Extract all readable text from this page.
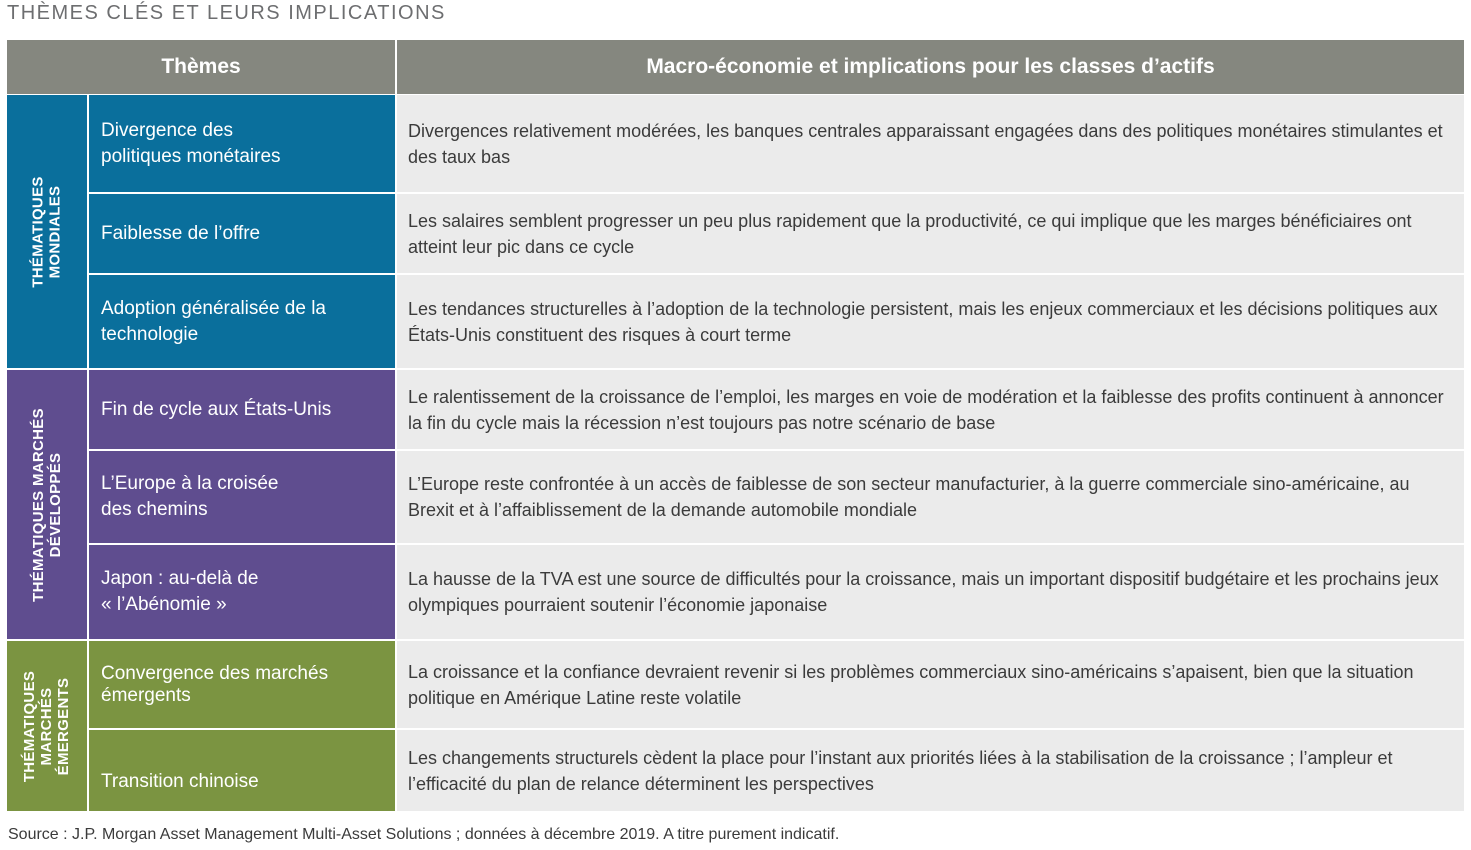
THÈMES CLÉS ET LEURS IMPLICATIONS
Thèmes	Macro-économie et implications pour les classes d’actifs
THÉMATIQUES MONDIALES
Divergence des
politiques monétaires
Divergences relativement modérées, les banques centrales apparaissant engagées dans des politiques monétaires stimulantes et des taux bas
Faiblesse de l’offre
Les salaires semblent progresser un peu plus rapidement que la productivité, ce qui implique que les marges bénéficiaires ont atteint leur pic dans ce cycle
Adoption généralisée de la technologie
Les tendances structurelles à l’adoption de la technologie persistent, mais les enjeux commerciaux et les décisions politiques aux États-Unis constituent des risques à court terme
THÉMATIQUES MARCHÉS DÉVELOPPÉS
Fin de cycle aux États-Unis
Le ralentissement de la croissance de l’emploi, les marges en voie de modération et la faiblesse des profits continuent à annoncer la fin du cycle mais la récession n’est toujours pas notre scénario de base
L’Europe à la croisée
des chemins
L’Europe reste confrontée à un accès de faiblesse de son secteur manufacturier, à la guerre commerciale sino-américaine, au Brexit et à l’affaiblissement de la demande automobile mondiale
Japon : au-delà de
« l’Abénomie »
La hausse de la TVA est une source de difficultés pour la croissance, mais un important dispositif budgétaire et les prochains jeux olympiques pourraient soutenir l’économie japonaise
THÉMATIQUES MARCHÉS ÉMERGENTS
Convergence des marchés émergents
La croissance et la confiance devraient revenir si les problèmes commerciaux sino-américains s’apaisent, bien que la situation politique en Amérique Latine reste volatile
Transition chinoise
Les changements structurels cèdent la place pour l’instant aux priorités liées à la stabilisation de la croissance ; l’ampleur et l’efficacité du plan de relance déterminent les perspectives
Source : J.P. Morgan Asset Management Multi-Asset Solutions ; données à décembre 2019. A titre purement indicatif.
